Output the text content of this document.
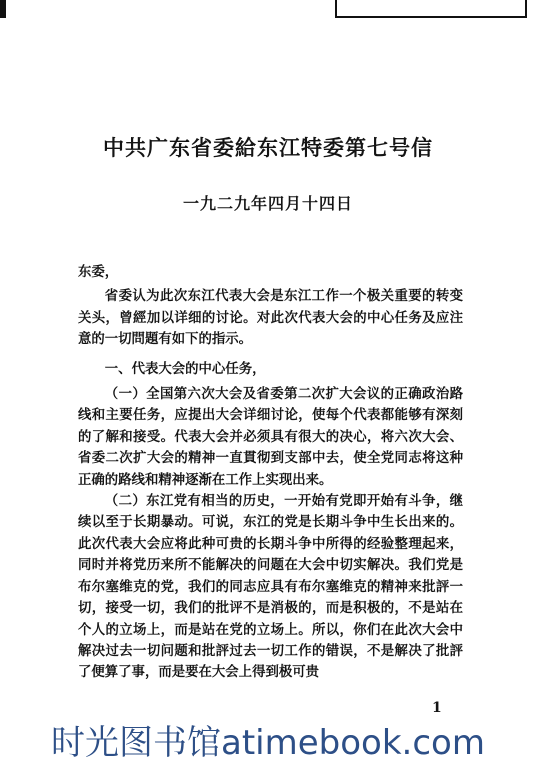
中共广东省委給东江特委第七号信
一九二九年四月十四日

东委，

省委认为此次东江代表大会是东江工作一个极关重要的转变关头，曾經加以详细的讨论。对此次代表大会的中心任务及应注意的一切問題有如下的指示。

一、代表大会的中心任务，

（一）全国第六次大会及省委第二次扩大会议的正确政治路线和主要任务，应提出大会详细讨论，使每个代表都能够有深刻的了解和接受。代表大会并必须具有很大的决心，将六次大会、省委二次扩大会的精神一直貫彻到支部中去，使全党同志将这种正确的路线和精神逐渐在工作上实现出来。

（二）东江党有相当的历史，一开始有党即开始有斗争，继续以至于长期暴动。可说，东江的党是长期斗争中生长出来的。此次代表大会应将此种可贵的长期斗争中所得的经验整理起来，同时并将党历来所不能解决的问题在大会中切实解决。我们党是布尔塞维克的党，我们的同志应具有布尔塞维克的精神来批評一切，接受一切，我们的批评不是消极的，而是积极的，不是站在个人的立场上，而是站在党的立场上。所以，你们在此次大会中解决过去一切问题和批評过去一切工作的错误，不是解决了批評了便算了事，而是要在大会上得到极可贵

1
时光图书馆atimebook.com
